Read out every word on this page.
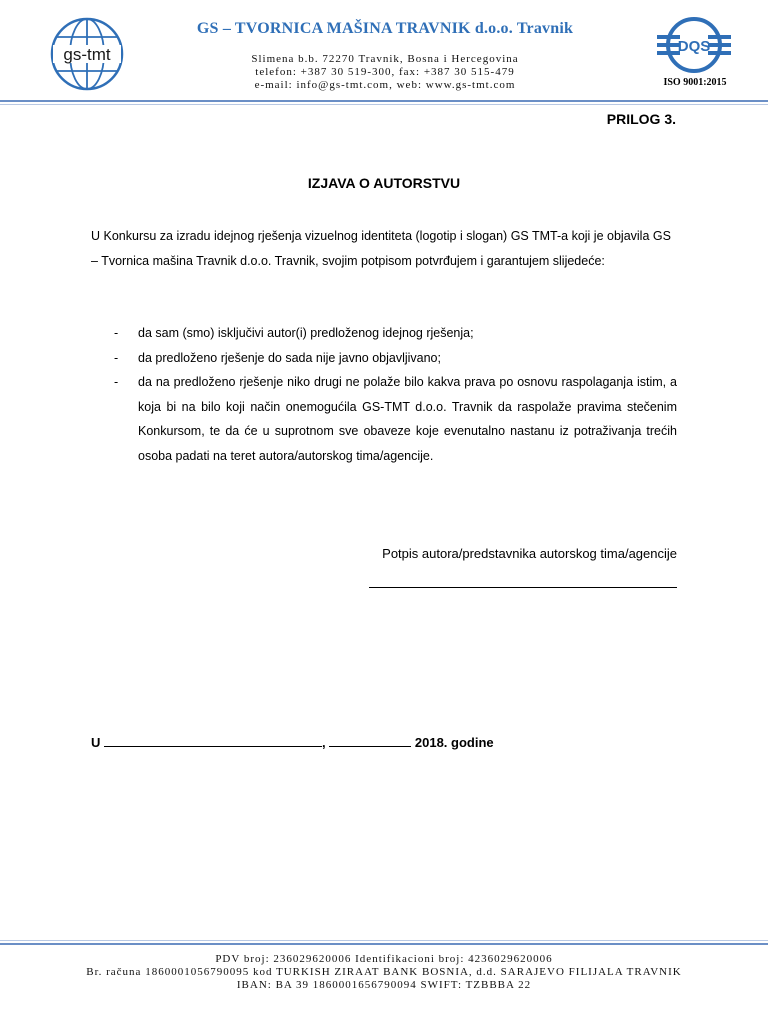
gs-tmt
GS – TVORNICA MAŠINA TRAVNIK d.o.o. Travnik
Slimena b.b. 72270 Travnik, Bosna i Hercegovina
telefon: +387 30 519-300, fax: +387 30 515-479
e-mail: info@gs-tmt.com, web: www.gs-tmt.com
DQS
ISO 9001:2015
PRILOG 3.
IZJAVA O AUTORSTVU
U Konkursu za izradu idejnog rješenja vizuelnog identiteta (logotip i slogan) GS TMT-a koji je objavila GS – Tvornica mašina Travnik d.o.o. Travnik, svojim potpisom potvrđujem i garantujem slijedeće:
- da sam (smo) isključivi autor(i) predloženog idejnog rješenja;
- da predloženo rješenje do sada nije javno objavljivano;
- da na predloženo rješenje niko drugi ne polaže bilo kakva prava po osnovu raspolaganja istim, a koja bi na bilo koji način onemogućila GS-TMT d.o.o. Travnik da raspolaže pravima stečenim Konkursom, te da će u suprotnom sve obaveze koje evenutalno nastanu iz potraživanja trećih osoba padati na teret autora/autorskog tima/agencije.
Potpis autora/predstavnika autorskog tima/agencije
U	,	2018. godine
PDV broj: 236029620006 Identifikacioni broj: 4236029620006
Br. računa 1860001056790095 kod TURKISH ZIRAAT BANK BOSNIA, d.d. SARAJEVO FILIJALA TRAVNIK
IBAN: BA 39 1860001656790094 SWIFT: TZBBBA 22
